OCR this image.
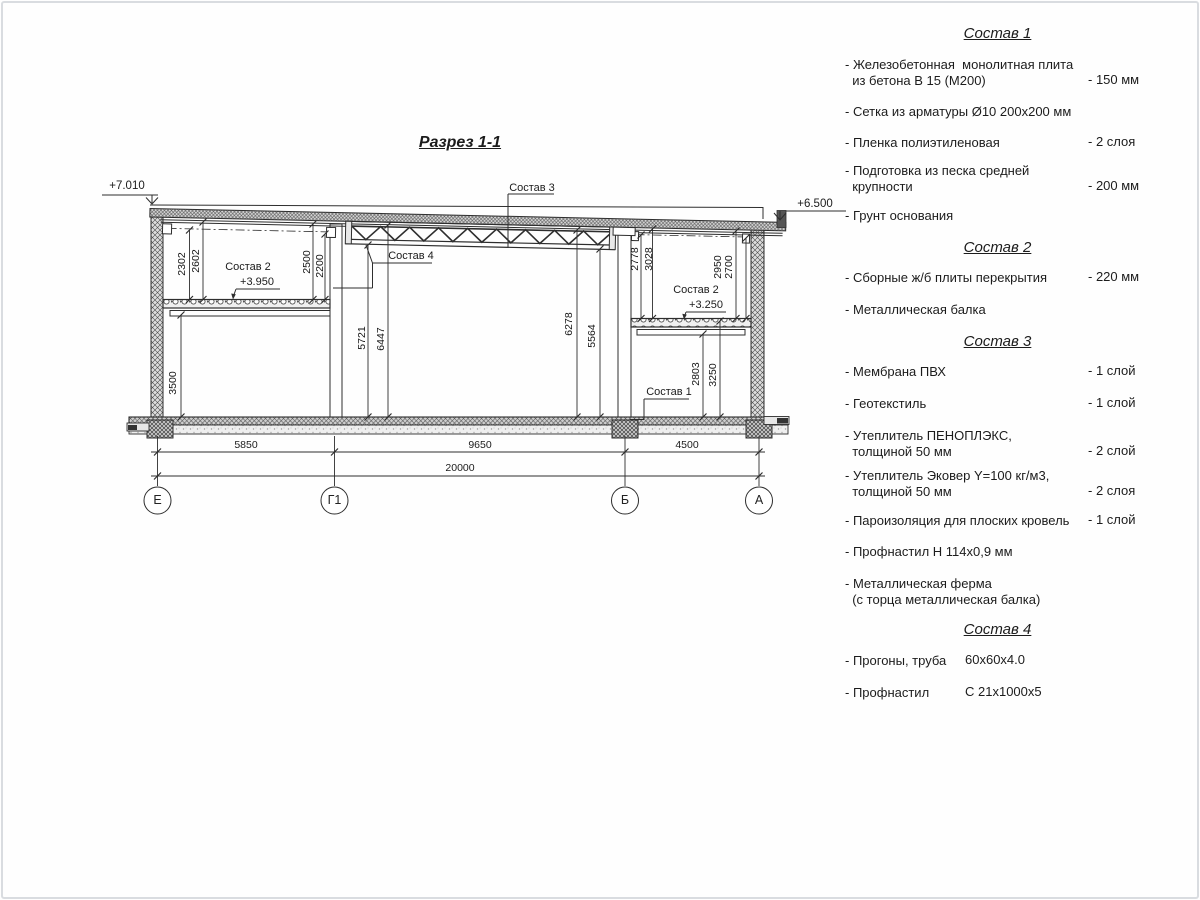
Разрез 1-1
+7.010
+6.500
Состав 3
Состав 4
Состав 2
+3.950
Состав 2
+3.250
Состав 1
2302 2602	2500 2200
3500
5721 6447
6278
5564
2778 3028	2950 2700
2803 3250
5850	9650	4500
20000
Е	Г1	Б	А
Состав 1
- Железобетонная  монолитная плита
из бетона В 15 (М200)	- 150 мм
- Сетка из арматуры Ø10 200х200 мм
- Пленка полиэтиленовая	- 2 слоя
- Подготовка из песка средней
крупности	- 200 мм
- Грунт основания
Состав 2
- Сборные ж/б плиты перекрытия	- 220 мм
- Металлическая балка
Состав 3
- Мембрана ПВХ	- 1 слой
- Геотекстиль	- 1 слой
- Утеплитель ПЕНОПЛЭКС,
толщиной 50 мм	- 2 слой
- Утеплитель Эковер Y=100 кг/м3,
толщиной 50 мм	- 2 слоя
- Пароизоляция для плоских кровель - 1 слой
- Профнастил Н 114х0,9 мм
- Металлическая ферма
(с торца металлическая балка)
Состав 4
- Прогоны, труба 60х60х4.0
- Профнастил	С 21х1000х5
